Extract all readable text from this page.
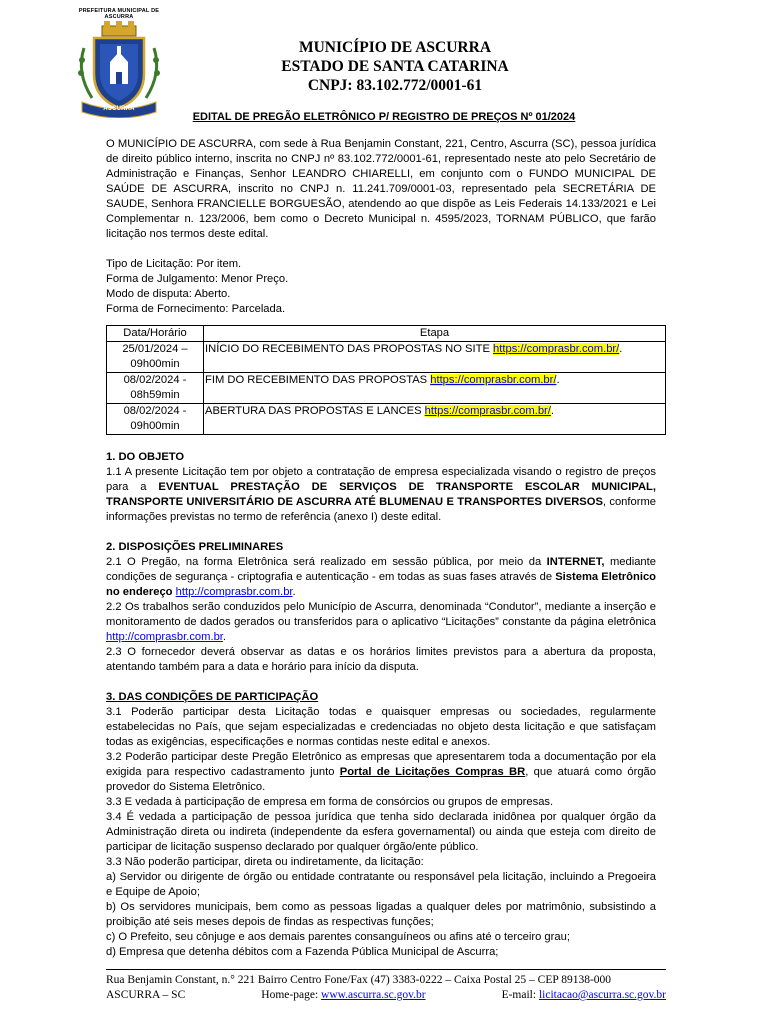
PREFEITURA MUNICIPAL DE ASCURRA
ASCURRA
MUNICÍPIO DE ASCURRA
ESTADO DE SANTA CATARINA
CNPJ: 83.102.772/0001-61
EDITAL DE PREGÃO ELETRÔNICO P/ REGISTRO DE PREÇOS Nº 01/2024

O MUNICÍPIO DE ASCURRA, com sede à Rua Benjamin Constant, 221, Centro, Ascurra (SC), pessoa jurídica de direito público interno, inscrita no CNPJ nº 83.102.772/0001-61, representado neste ato pelo Secretário de Administração e Finanças, Senhor LEANDRO CHIARELLI, em conjunto com o FUNDO MUNICIPAL DE SAÚDE DE ASCURRA, inscrito no CNPJ n. 11.241.709/0001-03, representado pela SECRETÁRIA DE SAUDE, Senhora FRANCIELLE BORGUESÃO, atendendo ao que dispõe as Leis Federais 14.133/2021 e Lei Complementar n. 123/2006, bem como o Decreto Municipal n. 4595/2023, TORNAM PÚBLICO, que farão licitação nos termos deste edital.

Tipo de Licitação: Por item.

Forma de Julgamento: Menor Preço.

Modo de disputa: Aberto.

Forma de Fornecimento: Parcelada.

Data/Horário	Etapa
25/01/2024 –
09h00min	INÍCIO DO RECEBIMENTO DAS PROPOSTAS NO SITE https://comprasbr.com.br/.
08/02/2024 -
08h59min	FIM DO RECEBIMENTO DAS PROPOSTAS https://comprasbr.com.br/.
08/02/2024 -
09h00min	ABERTURA DAS PROPOSTAS E LANCES https://comprasbr.com.br/.

1. DO OBJETO

1.1 A presente Licitação tem por objeto a contratação de empresa especializada visando o registro de preços para a EVENTUAL PRESTAÇÃO DE SERVIÇOS DE TRANSPORTE ESCOLAR MUNICIPAL, TRANSPORTE UNIVERSITÁRIO DE ASCURRA ATÉ BLUMENAU E TRANSPORTES DIVERSOS, conforme informações previstas no termo de referência (anexo I) deste edital.

2. DISPOSIÇÕES PRELIMINARES

2.1 O Pregão, na forma Eletrônica será realizado em sessão pública, por meio da INTERNET, mediante condições de segurança - criptografia e autenticação - em todas as suas fases através de Sistema Eletrônico no endereço http://comprasbr.com.br.

2.2 Os trabalhos serão conduzidos pelo Município de Ascurra, denominada “Condutor”, mediante a inserção e monitoramento de dados gerados ou transferidos para o aplicativo “Licitações” constante da página eletrônica http://comprasbr.com.br.

2.3 O fornecedor deverá observar as datas e os horários limites previstos para a abertura da proposta, atentando também para a data e horário para início da disputa.

3. DAS CONDIÇÕES DE PARTICIPAÇÃO

3.1 Poderão participar desta Licitação todas e quaisquer empresas ou sociedades, regularmente estabelecidas no País, que sejam especializadas e credenciadas no objeto desta licitação e que satisfaçam todas as exigências, especificações e normas contidas neste edital e anexos.

3.2 Poderão participar deste Pregão Eletrônico as empresas que apresentarem toda a documentação por ela exigida para respectivo cadastramento junto Portal de Licitações Compras BR, que atuará como órgão provedor do Sistema Eletrônico.

3.3 E vedada à participação de empresa em forma de consórcios ou grupos de empresas.

3.4 É vedada a participação de pessoa jurídica que tenha sido declarada inidônea por qualquer órgão da Administração direta ou indireta (independente da esfera governamental) ou ainda que esteja com direito de participar de licitação suspenso declarado por qualquer órgão/ente público.

3.3 Não poderão participar, direta ou indiretamente, da licitação:

a) Servidor ou dirigente de órgão ou entidade contratante ou responsável pela licitação, incluindo a Pregoeira e Equipe de Apoio;

b) Os servidores municipais, bem como as pessoas ligadas a qualquer deles por matrimônio, subsistindo a proibição até seis meses depois de findas as respectivas funções;

c) O Prefeito, seu cônjuge e aos demais parentes consanguíneos ou afins até o terceiro grau;

d) Empresa que detenha débitos com a Fazenda Pública Municipal de Ascurra;

Rua Benjamin Constant, n.° 221 Bairro Centro Fone/Fax (47) 3383-0222 – Caixa Postal 25 – CEP 89138-000
ASCURRA – SC	Home-page: www.ascurra.sc.gov.br	E-mail: licitacao@ascurra.sc.gov.br
